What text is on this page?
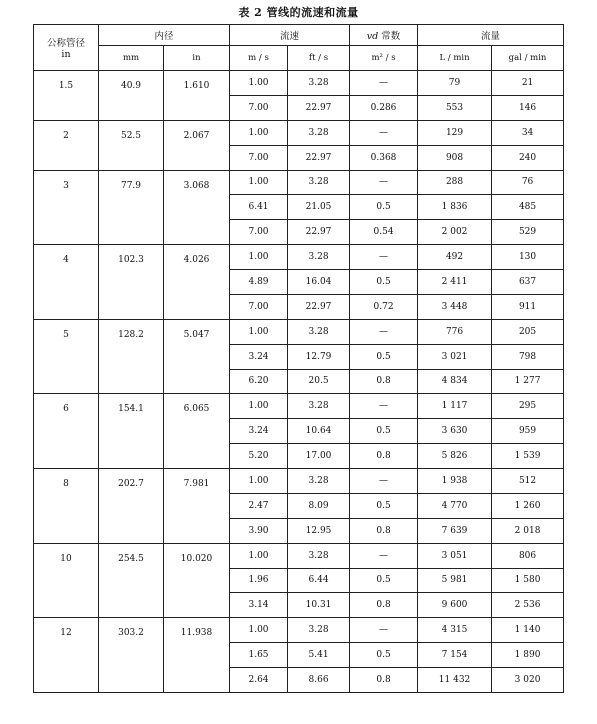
表 2 管线的流速和流量
公称管径
in	内径		流速		vd 常数	流量	
	mm	in	m / s	ft / s	m² / s	L / min	gal / min
1.5	40.9	1.610	1.00	3.28	—	79	21
			7.00	22.97	0.286	553	146
2	52.5	2.067	1.00	3.28	—	129	34
			7.00	22.97	0.368	908	240
3	77.9	3.068	1.00	3.28	—	288	76
			6.41	21.05	0.5	1 836	485
			7.00	22.97	0.54	2 002	529
4	102.3	4.026	1.00	3.28	—	492	130
			4.89	16.04	0.5	2 411	637
			7.00	22.97	0.72	3 448	911
5	128.2	5.047	1.00	3.28	—	776	205
			3.24	12.79	0.5	3 021	798
			6.20	20.5	0.8	4 834	1 277
6	154.1	6.065	1.00	3.28	—	1 117	295
			3.24	10.64	0.5	3 630	959
			5.20	17.00	0.8	5 826	1 539
8	202.7	7.981	1.00	3.28	—	1 938	512
			2.47	8.09	0.5	4 770	1 260
			3.90	12.95	0.8	7 639	2 018
10	254.5	10.020	1.00	3.28	—	3 051	806
			1.96	6.44	0.5	5 981	1 580
			3.14	10.31	0.8	9 600	2 536
12	303.2	11.938	1.00	3.28	—	4 315	1 140
			1.65	5.41	0.5	7 154	1 890
			2.64	8.66	0.8	11 432	3 020
